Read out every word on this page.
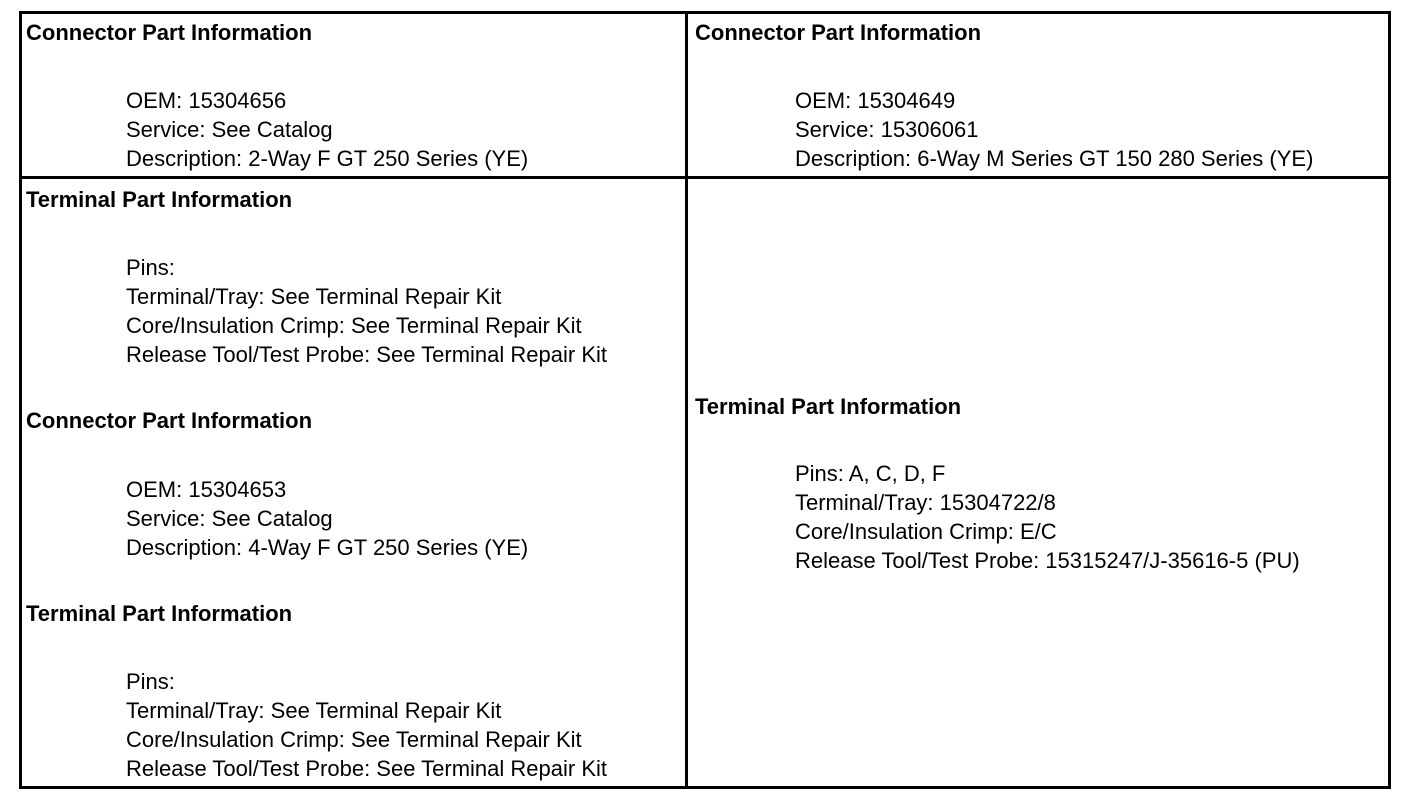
Connector Part Information
OEM: 15304656
Service: See Catalog
Description: 2-Way F GT 250 Series (YE)
Connector Part Information
OEM: 15304649
Service: 15306061
Description: 6-Way M Series GT 150 280 Series (YE)
Terminal Part Information
Pins:
Terminal/Tray: See Terminal Repair Kit
Core/Insulation Crimp: See Terminal Repair Kit
Release Tool/Test Probe: See Terminal Repair Kit
Connector Part Information
OEM: 15304653
Service: See Catalog
Description: 4-Way F GT 250 Series (YE)
Terminal Part Information
Pins:
Terminal/Tray: See Terminal Repair Kit
Core/Insulation Crimp: See Terminal Repair Kit
Release Tool/Test Probe: See Terminal Repair Kit
Terminal Part Information
Pins: A, C, D, F
Terminal/Tray: 15304722/8
Core/Insulation Crimp: E/C
Release Tool/Test Probe: 15315247/J-35616-5 (PU)
